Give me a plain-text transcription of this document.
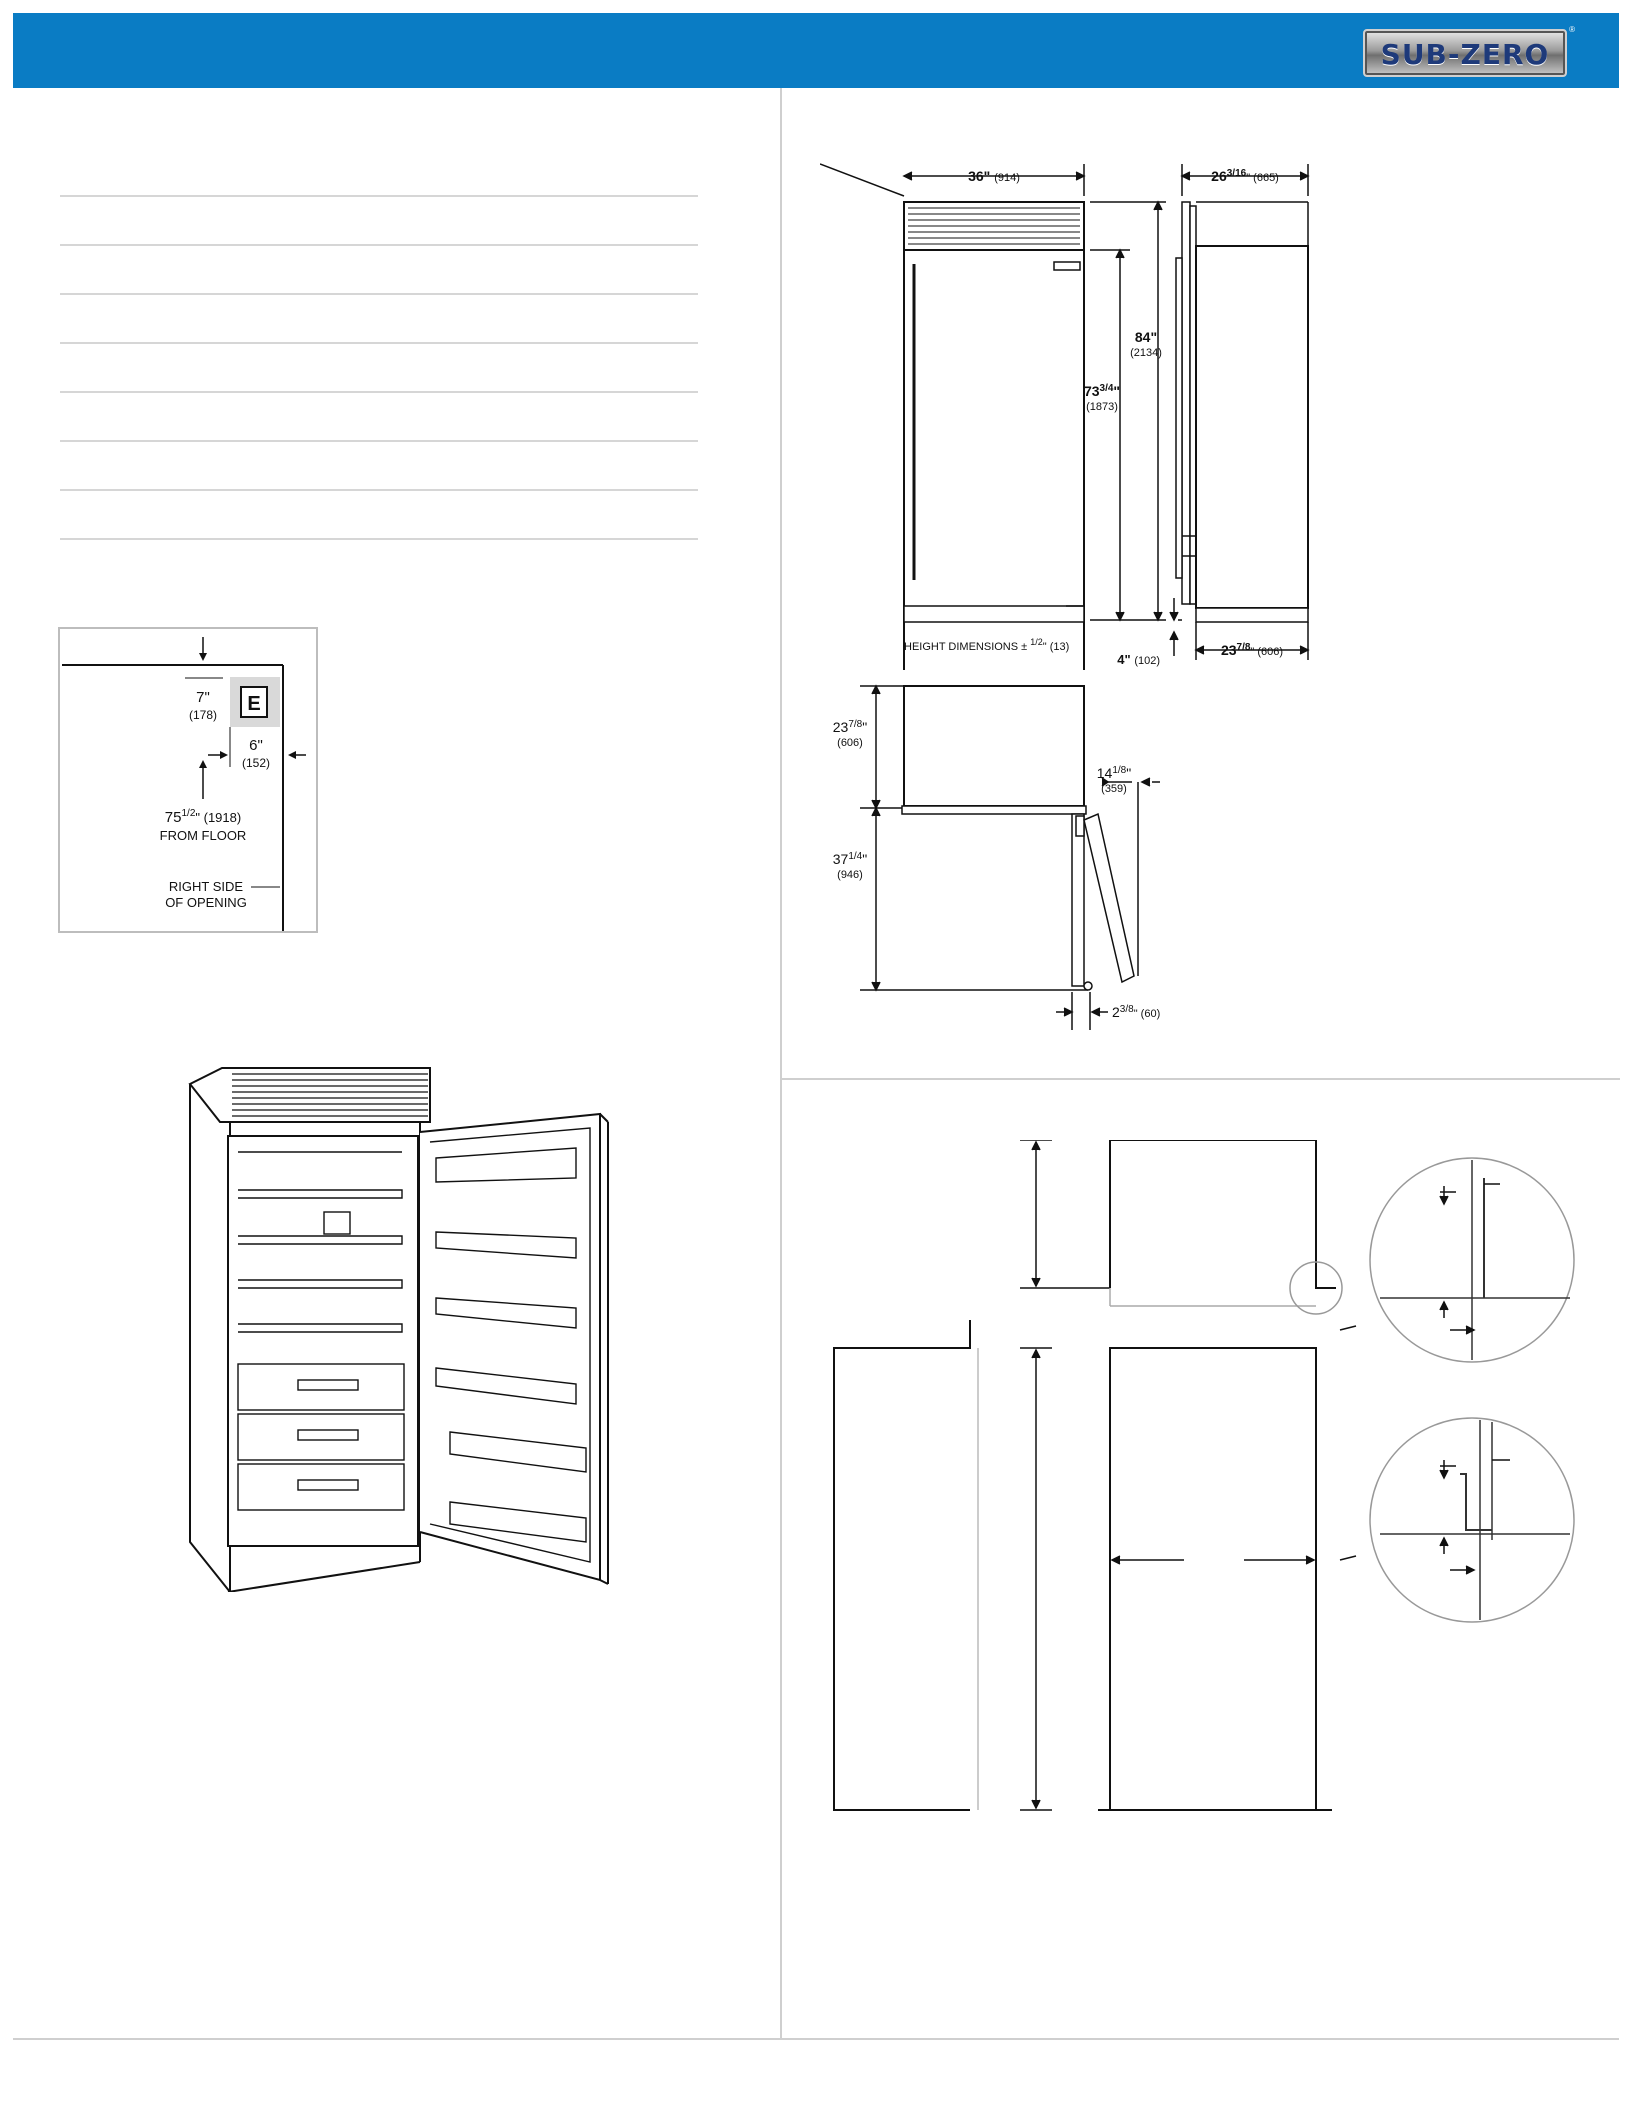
SUB-ZERO
®
E
7"
(178)
6"
(152)
$75^{1/2}$" (1918)
FROM FLOOR
RIGHT SIDE
OF OPENING
36" (914)	$26^{3/16}_{" (665)}$
84"
(2134)
$73^{3/4}$"
(1873)
HEIGHT DIMENSIONS ± $^{1/2}$" (13)
4" (102)
$23^{7/8}_{" (606)}$
$23^{7/8}$"
(606)
$37^{1/4}$"
(946)
$14^{1/8}$"
(359)
$2^{3/8}_{" (60)}$
